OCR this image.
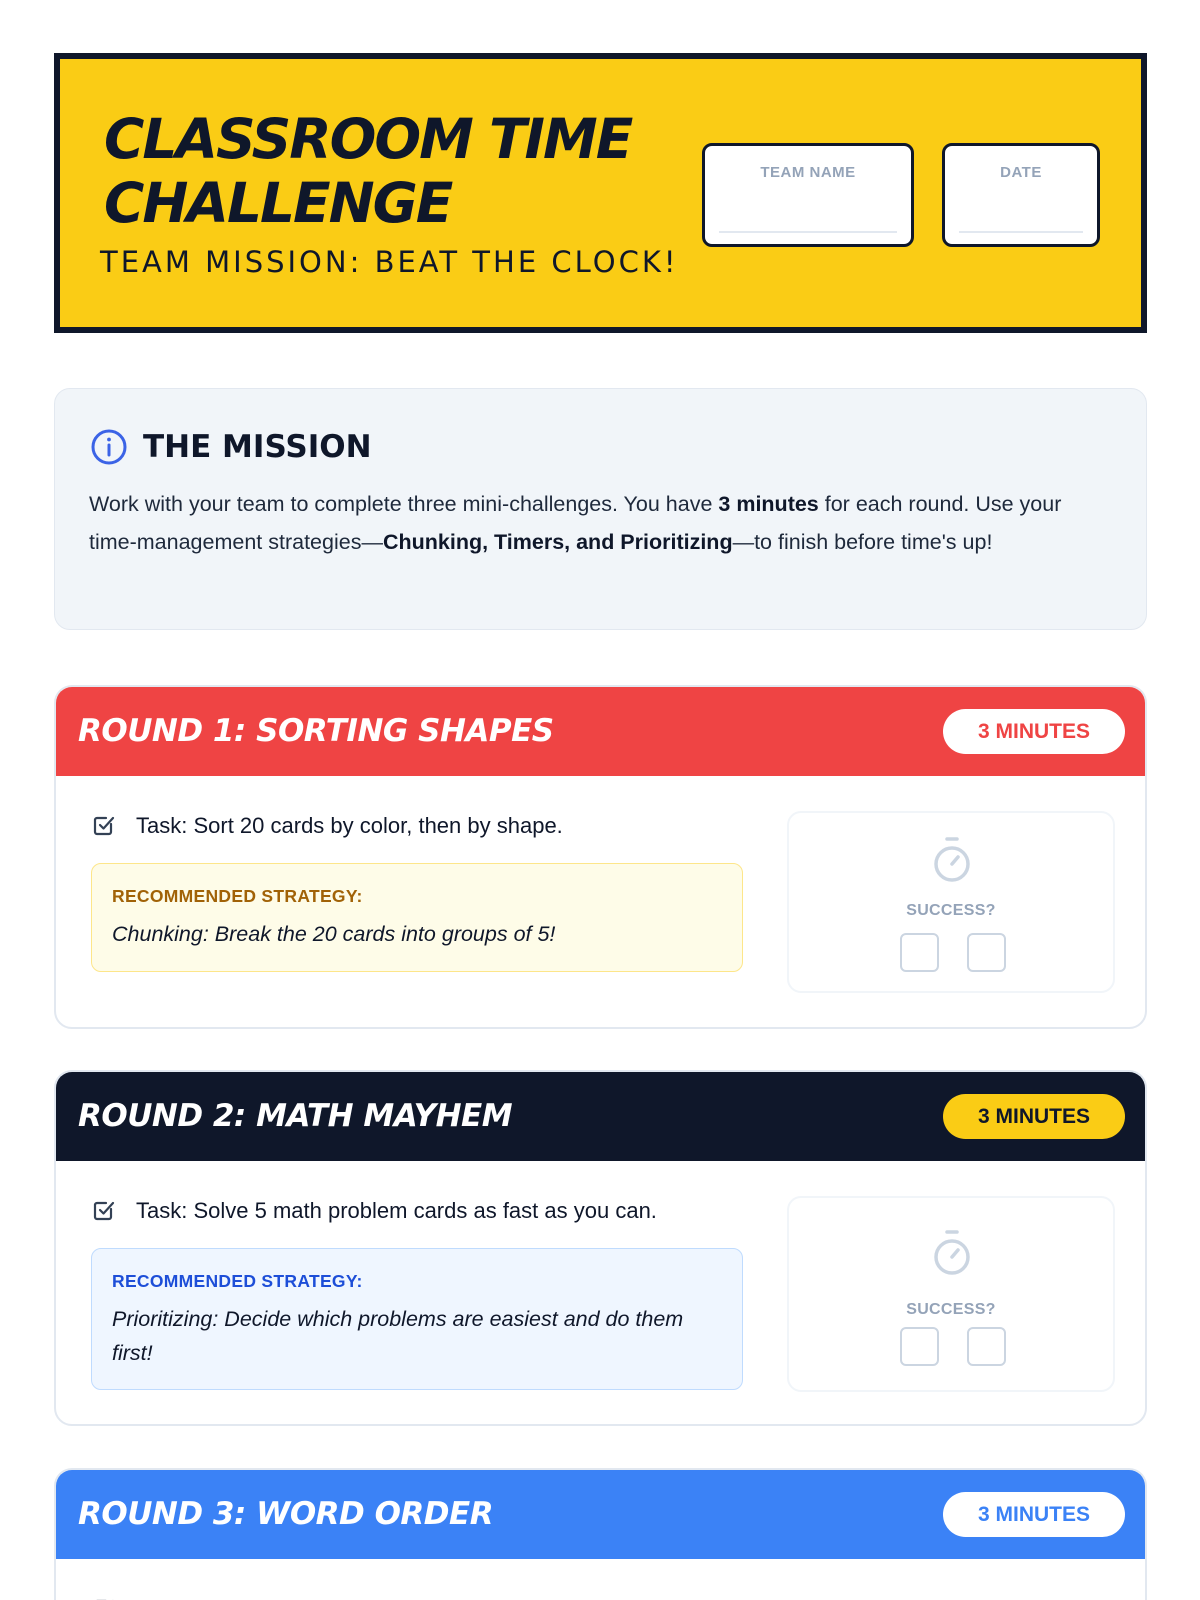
CLASSROOM TIME CHALLENGE
TEAM MISSION: BEAT THE CLOCK!
TEAM NAME	DATE
THE MISSION
Work with your team to complete three mini-challenges. You have 3 minutes for each round. Use your time-management strategies—Chunking, Timers, and Prioritizing—to finish before time's up!
ROUND 1: SORTING SHAPES	3 MINUTES
Task: Sort 20 cards by color, then by shape.
RECOMMENDED STRATEGY:
Chunking: Break the 20 cards into groups of 5!
SUCCESS?
ROUND 2: MATH MAYHEM	3 MINUTES
Task: Solve 5 math problem cards as fast as you can.
RECOMMENDED STRATEGY:
Prioritizing: Decide which problems are easiest and do them first!
SUCCESS?
ROUND 3: WORD ORDER	3 MINUTES
